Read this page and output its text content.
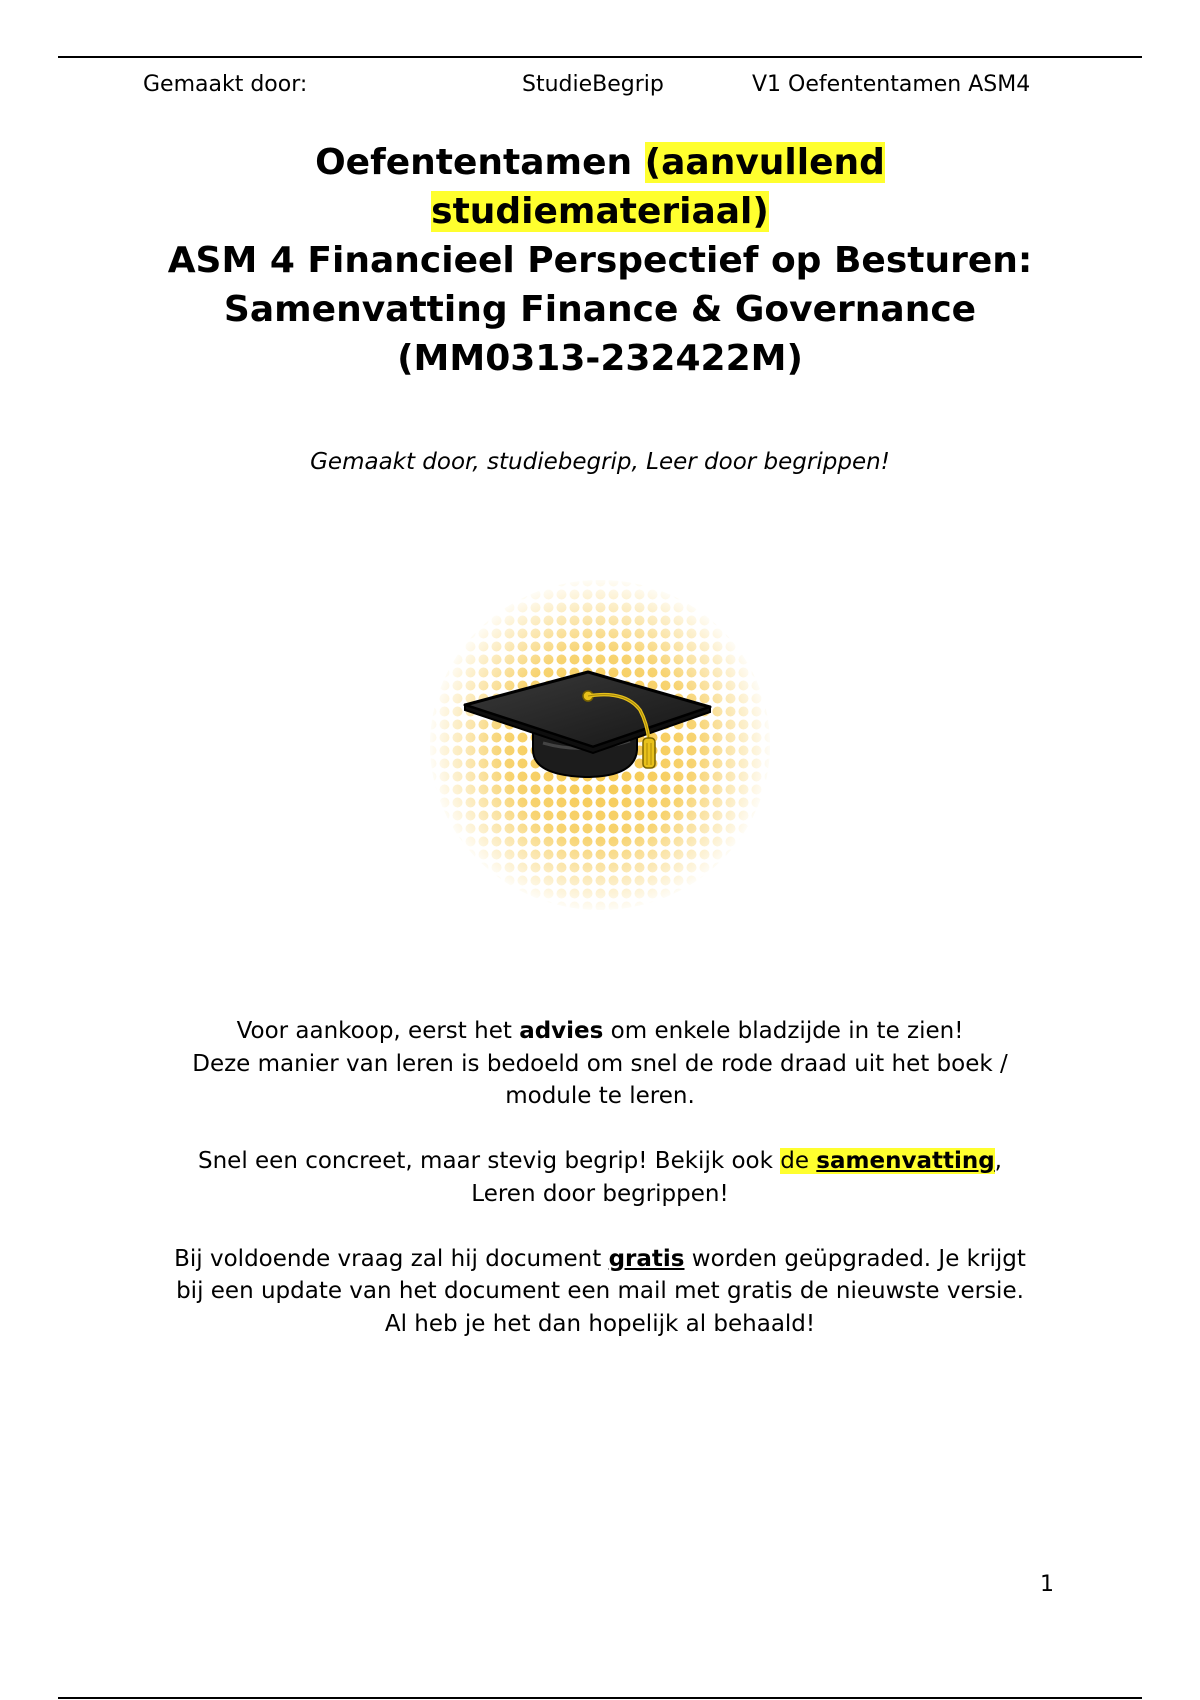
Gemaakt door:	StudieBegrip	V1 Oefententamen ASM4
Oefententamen (aanvullend
studiemateriaal)
ASM 4 Financieel Perspectief op Besturen:
Samenvatting Finance & Governance
(MM0313-232422M)
Gemaakt door, studiebegrip, Leer door begrippen!

Voor aankoop, eerst het advies om enkele bladzijde in te zien!
Deze manier van leren is bedoeld om snel de rode draad uit het boek /
module te leren.

Snel een concreet, maar stevig begrip! Bekijk ook de samenvatting,
Leren door begrippen!

Bij voldoende vraag zal hij document gratis worden geüpgraded. Je krijgt
bij een update van het document een mail met gratis de nieuwste versie.
Al heb je het dan hopelijk al behaald!

1
